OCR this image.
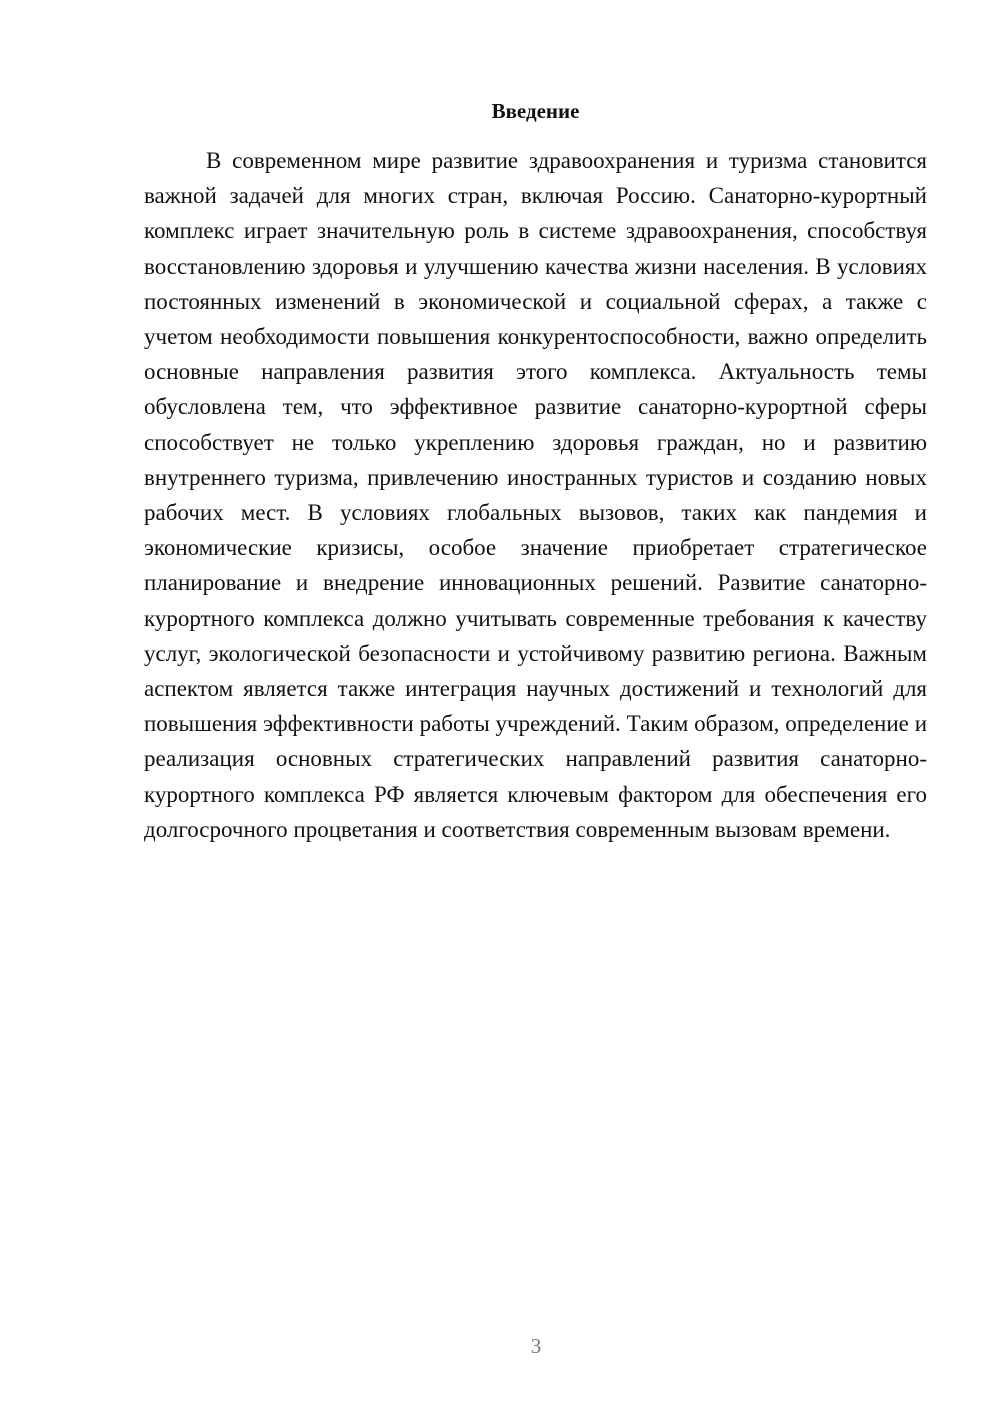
Введение

В современном мире развитие здравоохранения и туризма становится важной задачей для многих стран, включая Россию. Санаторно-курортный комплекс играет значительную роль в системе здравоохранения, способствуя восстановлению здоровья и улучшению качества жизни населения. В условиях постоянных изменений в экономической и социальной сферах, а также с учетом необходимости повышения конкурентоспособности, важно определить основные направления развития этого комплекса. Актуальность темы обусловлена тем, что эффективное развитие санаторно-курортной сферы способствует не только укреплению здоровья граждан, но и развитию внутреннего туризма, привлечению иностранных туристов и созданию новых рабочих мест. В условиях глобальных вызовов, таких как пандемия и экономические кризисы, особое значение приобретает стратегическое планирование и внедрение инновационных решений. Развитие санаторно-курортного комплекса должно учитывать современные требования к качеству услуг, экологической безопасности и устойчивому развитию региона. Важным аспектом является также интеграция научных достижений и технологий для повышения эффективности работы учреждений. Таким образом, определение и реализация основных стратегических направлений развития санаторно-курортного комплекса РФ является ключевым фактором для обеспечения его долгосрочного процветания и соответствия современным вызовам времени.

3
